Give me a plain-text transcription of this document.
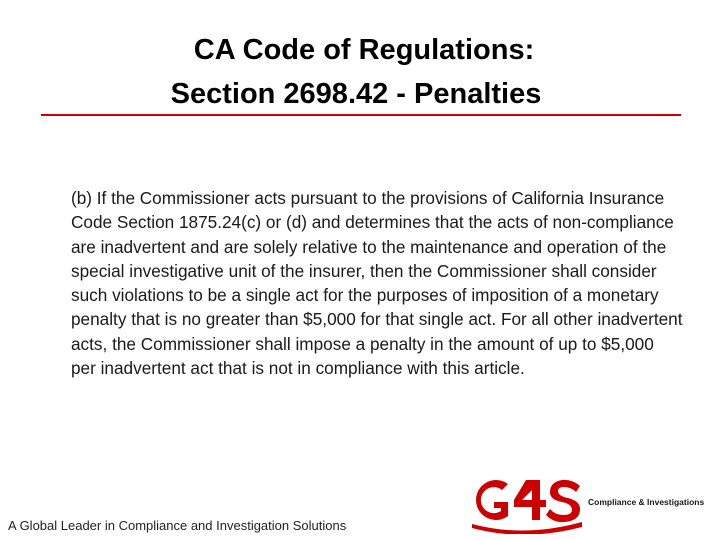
CA Code of Regulations:
Section 2698.42 - Penalties

(b) If the Commissioner acts pursuant to the provisions of California Insurance Code Section 1875.24(c) or (d) and determines that the acts of non-compliance are inadvertent and are solely relative to the maintenance and operation of the special investigative unit of the insurer, then the Commissioner shall consider such violations to be a single act for the purposes of imposition of a monetary penalty that is no greater than $5,000 for that single act. For all other inadvertent acts, the Commissioner shall impose a penalty in the amount of up to $5,000 per inadvertent act that is not in compliance with this article.

A Global Leader in Compliance and Investigation Solutions
Compliance & Investigations
